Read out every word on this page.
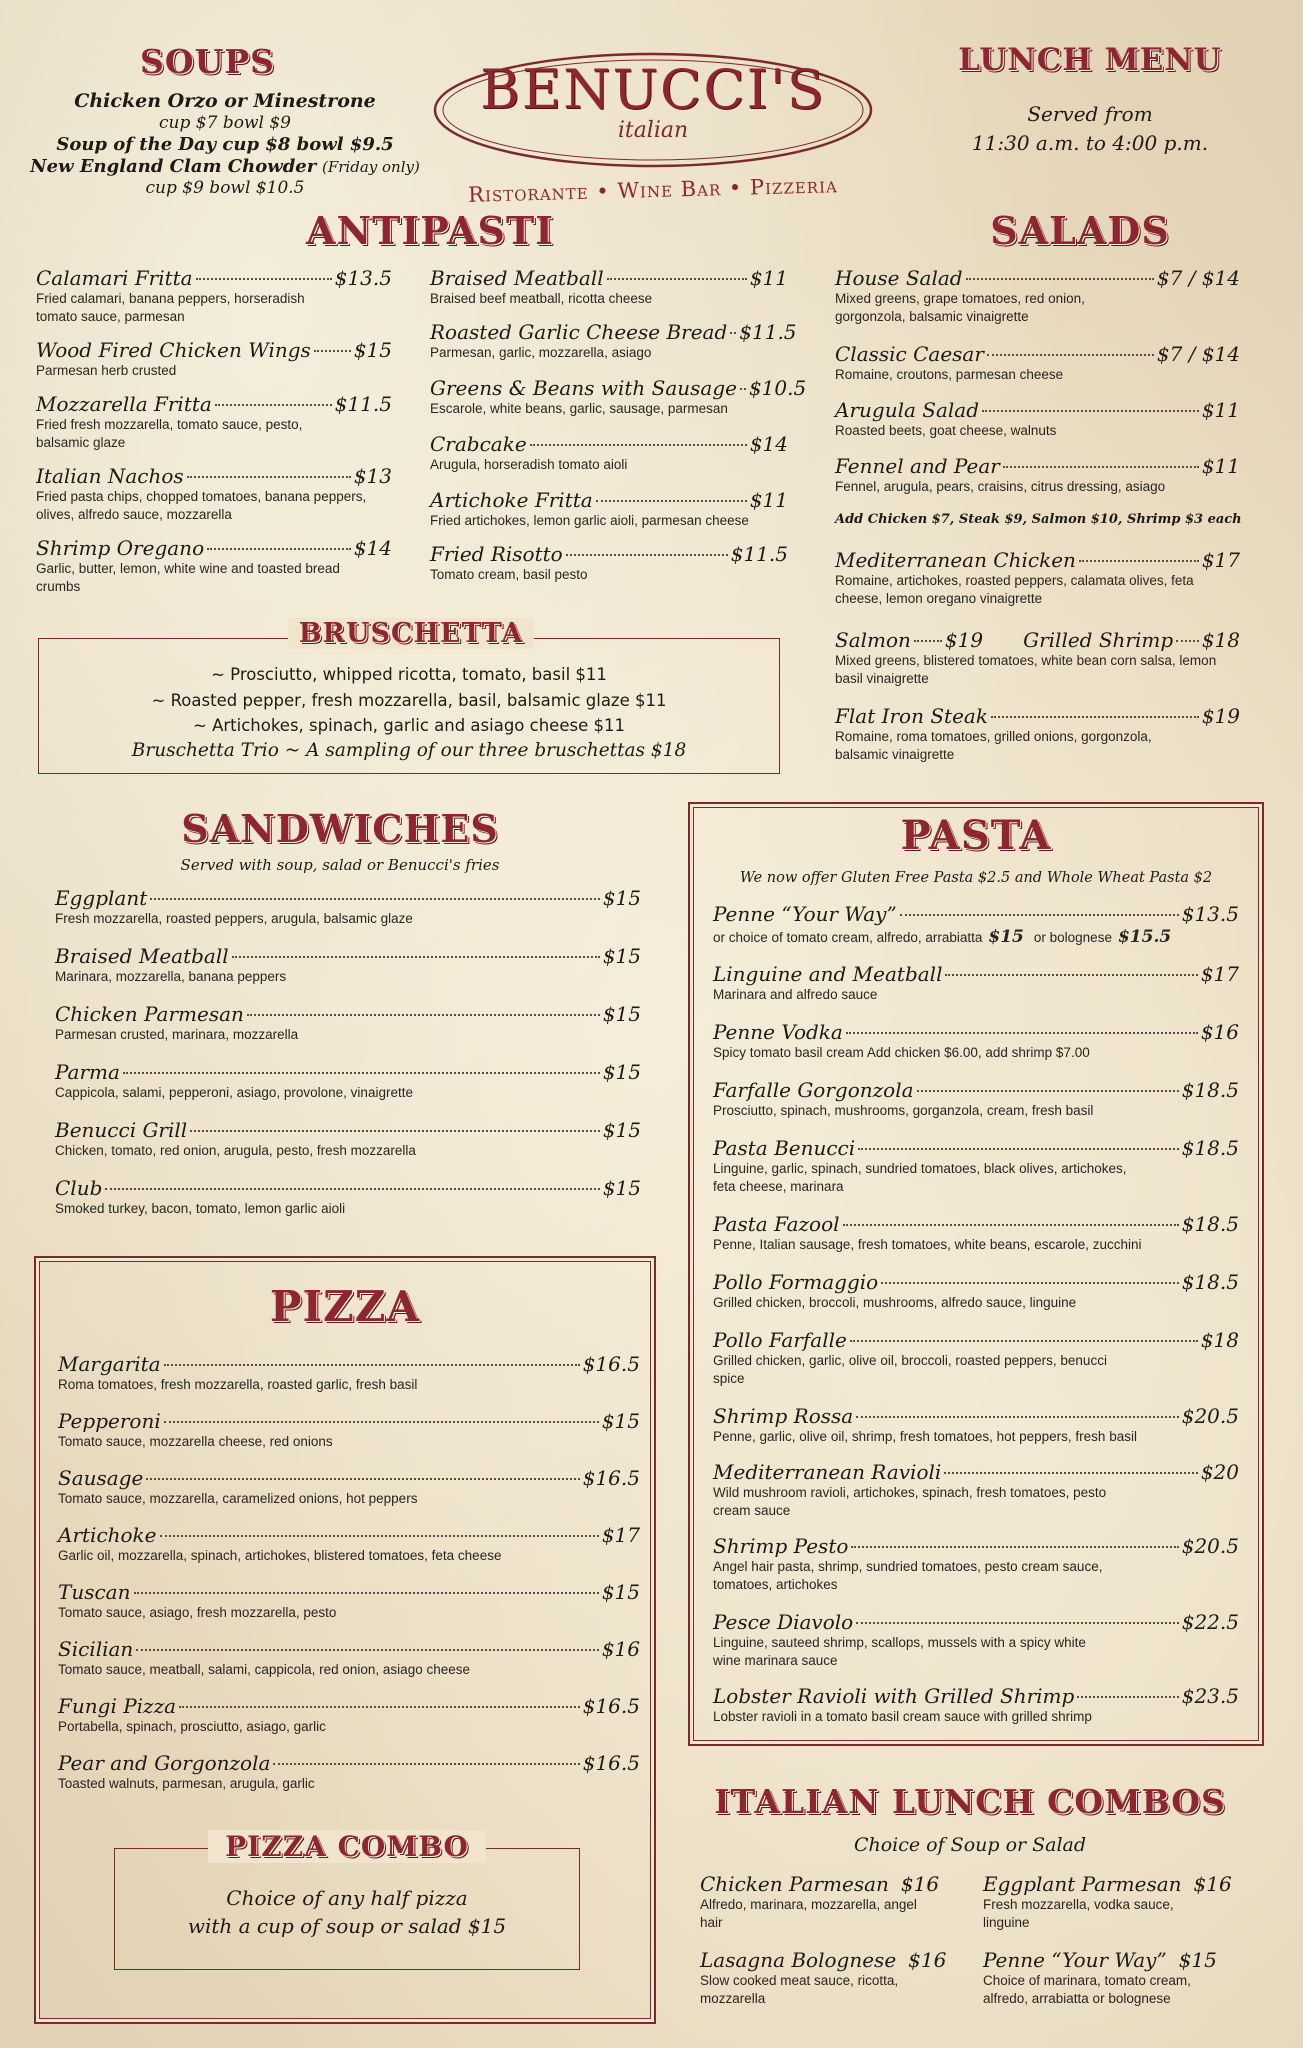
SOUPS
Chicken Orzo or Minestrone
cup $7 bowl $9
Soup of the Day cup $8 bowl $9.5
New England Clam Chowder (Friday only)
cup $9 bowl $10.5
BENUCCI'S
italian
Ristorante • Wine Bar • Pizzeria
LUNCH MENU
Served from
11:30 a.m. to 4:00 p.m.
ANTIPASTI
Calamari Fritta	$13.5
Fried calamari, banana peppers, horseradish tomato sauce, parmesan
Wood Fired Chicken Wings $15
Parmesan herb crusted
Mozzarella Fritta	$11.5
Fried fresh mozzarella, tomato sauce, pesto, balsamic glaze
Italian Nachos	$13
Fried pasta chips, chopped tomatoes, banana peppers, olives, alfredo sauce, mozzarella
Shrimp Oregano	$14
Garlic, butter, lemon, white wine and toasted bread crumbs
Braised Meatball	$11
Braised beef meatball, ricotta cheese
Roasted Garlic Cheese Bread $11.5
Parmesan, garlic, mozzarella, asiago
Greens & Beans with Sausage $10.5
Escarole, white beans, garlic, sausage, parmesan
Crabcake	$14
Arugula, horseradish tomato aioli
Artichoke Fritta	$11
Fried artichokes, lemon garlic aioli, parmesan cheese
Fried Risotto	$11.5
Tomato cream, basil pesto
BRUSCHETTA
~ Prosciutto, whipped ricotta, tomato, basil $11
~ Roasted pepper, fresh mozzarella, basil, balsamic glaze $11
~ Artichokes, spinach, garlic and asiago cheese $11
Bruschetta Trio ~ A sampling of our three bruschettas $18
SALADS
House Salad	$7 / $14
Mixed greens, grape tomatoes, red onion, gorgonzola, balsamic vinaigrette
Classic Caesar	$7 / $14
Romaine, croutons, parmesan cheese
Arugula Salad	$11
Roasted beets, goat cheese, walnuts
Fennel and Pear	$11
Fennel, arugula, pears, craisins, citrus dressing, asiago
Add Chicken $7, Steak $9, Salmon $10, Shrimp $3 each
Mediterranean Chicken	$17
Romaine, artichokes, roasted peppers, calamata olives, feta cheese, lemon oregano vinaigrette
Salmon $19 Grilled Shrimp $18
Mixed greens, blistered tomatoes, white bean corn salsa, lemon basil vinaigrette
Flat Iron Steak	$19
Romaine, roma tomatoes, grilled onions, gorgonzola, balsamic vinaigrette
SANDWICHES
Served with soup, salad or Benucci's fries
Eggplant	$15
Fresh mozzarella, roasted peppers, arugula, balsamic glaze
Braised Meatball	$15
Marinara, mozzarella, banana peppers
Chicken Parmesan	$15
Parmesan crusted, marinara, mozzarella
Parma	$15
Cappicola, salami, pepperoni, asiago, provolone, vinaigrette
Benucci Grill	$15
Chicken, tomato, red onion, arugula, pesto, fresh mozzarella
Club	$15
Smoked turkey, bacon, tomato, lemon garlic aioli
PIZZA
Margarita	$16.5
Roma tomatoes, fresh mozzarella, roasted garlic, fresh basil
Pepperoni	$15
Tomato sauce, mozzarella cheese, red onions
Sausage	$16.5
Tomato sauce, mozzarella, caramelized onions, hot peppers
Artichoke	$17
Garlic oil, mozzarella, spinach, artichokes, blistered tomatoes, feta cheese
Tuscan	$15
Tomato sauce, asiago, fresh mozzarella, pesto
Sicilian	$16
Tomato sauce, meatball, salami, cappicola, red onion, asiago cheese
Fungi Pizza	$16.5
Portabella, spinach, prosciutto, asiago, garlic
Pear and Gorgonzola	$16.5
Toasted walnuts, parmesan, arugula, garlic
PIZZA COMBO
Choice of any half pizza
with a cup of soup or salad $15
PASTA
We now offer Gluten Free Pasta $2.5 and Whole Wheat Pasta $2
Penne “Your Way”	$13.5
or choice of tomato cream, alfredo, arrabiatta $15 or bolognese $15.5
Linguine and Meatball	$17
Marinara and alfredo sauce
Penne Vodka	$16
Spicy tomato basil cream Add chicken $6.00, add shrimp $7.00
Farfalle Gorgonzola	$18.5
Prosciutto, spinach, mushrooms, gorganzola, cream, fresh basil
Pasta Benucci	$18.5
Linguine, garlic, spinach, sundried tomatoes, black olives, artichokes, feta cheese, marinara
Pasta Fazool	$18.5
Penne, Italian sausage, fresh tomatoes, white beans, escarole, zucchini
Pollo Formaggio	$18.5
Grilled chicken, broccoli, mushrooms, alfredo sauce, linguine
Pollo Farfalle	$18
Grilled chicken, garlic, olive oil, broccoli, roasted peppers, benucci spice
Shrimp Rossa	$20.5
Penne, garlic, olive oil, shrimp, fresh tomatoes, hot peppers, fresh basil
Mediterranean Ravioli	$20
Wild mushroom ravioli, artichokes, spinach, fresh tomatoes, pesto cream sauce
Shrimp Pesto	$20.5
Angel hair pasta, shrimp, sundried tomatoes, pesto cream sauce, tomatoes, artichokes
Pesce Diavolo	$22.5
Linguine, sauteed shrimp, scallops, mussels with a spicy white wine marinara sauce
Lobster Ravioli with Grilled Shrimp	$23.5
Lobster ravioli in a tomato basil cream sauce with grilled shrimp
ITALIAN LUNCH COMBOS
Choice of Soup or Salad
Chicken Parmesan $16
Alfredo, marinara, mozzarella, angel hair
Eggplant Parmesan $16
Fresh mozzarella, vodka sauce, linguine
Lasagna Bolognese $16
Slow cooked meat sauce, ricotta, mozzarella
Penne “Your Way” $15
Choice of marinara, tomato cream, alfredo, arrabiatta or bolognese
